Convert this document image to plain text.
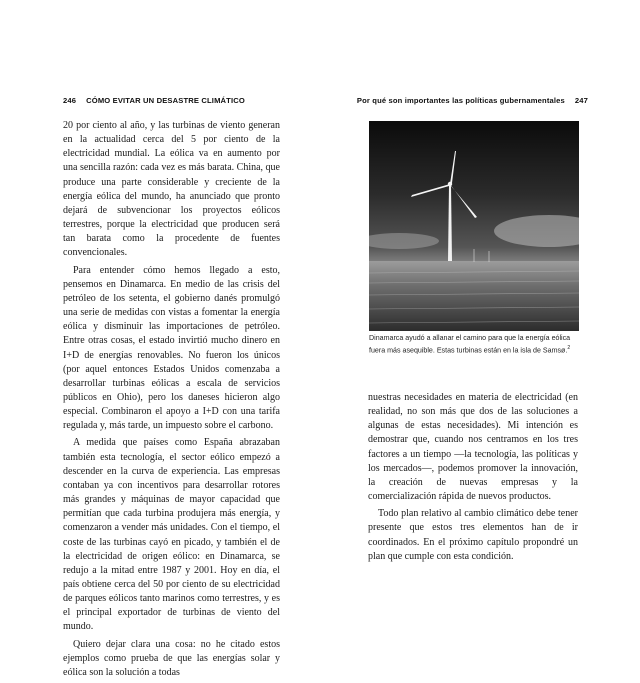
246 CÓMO EVITAR UN DESASTRE CLIMÁTICO

20 por ciento al año, y las turbinas de viento generan en la actualidad cerca del 5 por ciento de la electricidad mundial. La eólica va en aumento por una sencilla razón: cada vez es más barata. China, que produce una parte considerable y creciente de la energía eólica del mundo, ha anunciado que pronto dejará de subvencionar los proyectos eólicos terrestres, porque la electricidad que producen será tan barata como la procedente de fuentes convencionales.

Para entender cómo hemos llegado a esto, pensemos en Dinamarca. En medio de las crisis del petróleo de los setenta, el gobierno danés promulgó una serie de medidas con vistas a fomentar la energía eólica y disminuir las importaciones de petróleo. Entre otras cosas, el estado invirtió mucho dinero en I+D de energías renovables. No fueron los únicos (por aquel entonces Estados Unidos comenzaba a desarrollar turbinas eólicas a escala de servicios públicos en Ohio), pero los daneses hicieron algo especial. Combinaron el apoyo a I+D con una tarifa regulada y, más tarde, un impuesto sobre el carbono.

A medida que países como España abrazaban también esta tecnología, el sector eólico empezó a descender en la curva de experiencia. Las empresas contaban ya con incentivos para desarrollar rotores más grandes y máquinas de mayor capacidad que permitían que cada turbina produjera más energía, y comenzaron a vender más unidades. Con el tiempo, el coste de las turbinas cayó en picado, y también el de la electricidad de origen eólico: en Dinamarca, se redujo a la mitad entre 1987 y 2001. Hoy en día, el país obtiene cerca del 50 por ciento de su electricidad de parques eólicos tanto marinos como terrestres, y es el principal exportador de turbinas de viento del mundo.

Quiero dejar clara una cosa: no he citado estos ejemplos como prueba de que las energías solar y eólica son la solución a todas

Por qué son importantes las políticas gubernamentales 247
Dinamarca ayudó a allanar el camino para que la energía eólica fuera más asequible. Estas turbinas están en la isla de Samsø.$^2$

nuestras necesidades en materia de electricidad (en realidad, no son más que dos de las soluciones a algunas de estas necesidades). Mi intención es demostrar que, cuando nos centramos en los tres factores a un tiempo —la tecnología, las políticas y los mercados—, podemos promover la innovación, la creación de nuevas empresas y la comercialización rápida de nuevos productos.

Todo plan relativo al cambio climático debe tener presente que estos tres elementos han de ir coordinados. En el próximo capítulo propondré un plan que cumple con esta condición.
